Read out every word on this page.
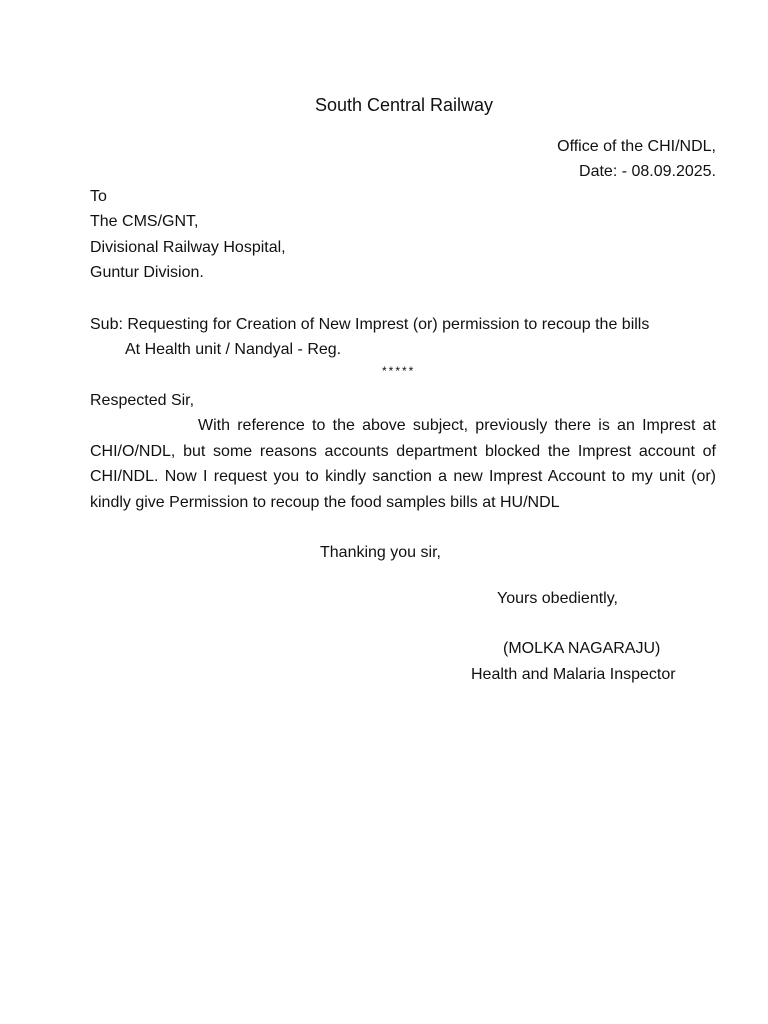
South Central Railway
Office of the CHI/NDL,
Date: - 08.09.2025.
To
The CMS/GNT,
Divisional Railway Hospital,
Guntur Division.
Sub: Requesting for Creation of New Imprest (or) permission to recoup the bills
At Health unit / Nandyal - Reg.
*****
Respected Sir,
With reference to the above subject, previously there is an Imprest at CHI/O/NDL, but some reasons accounts department blocked the Imprest account of CHI/NDL. Now I request you to kindly sanction a new Imprest Account to my unit (or) kindly give Permission to recoup the food samples bills at HU/NDL
Thanking you sir,
Yours obediently,
(MOLKA NAGARAJU)
Health and Malaria Inspector
